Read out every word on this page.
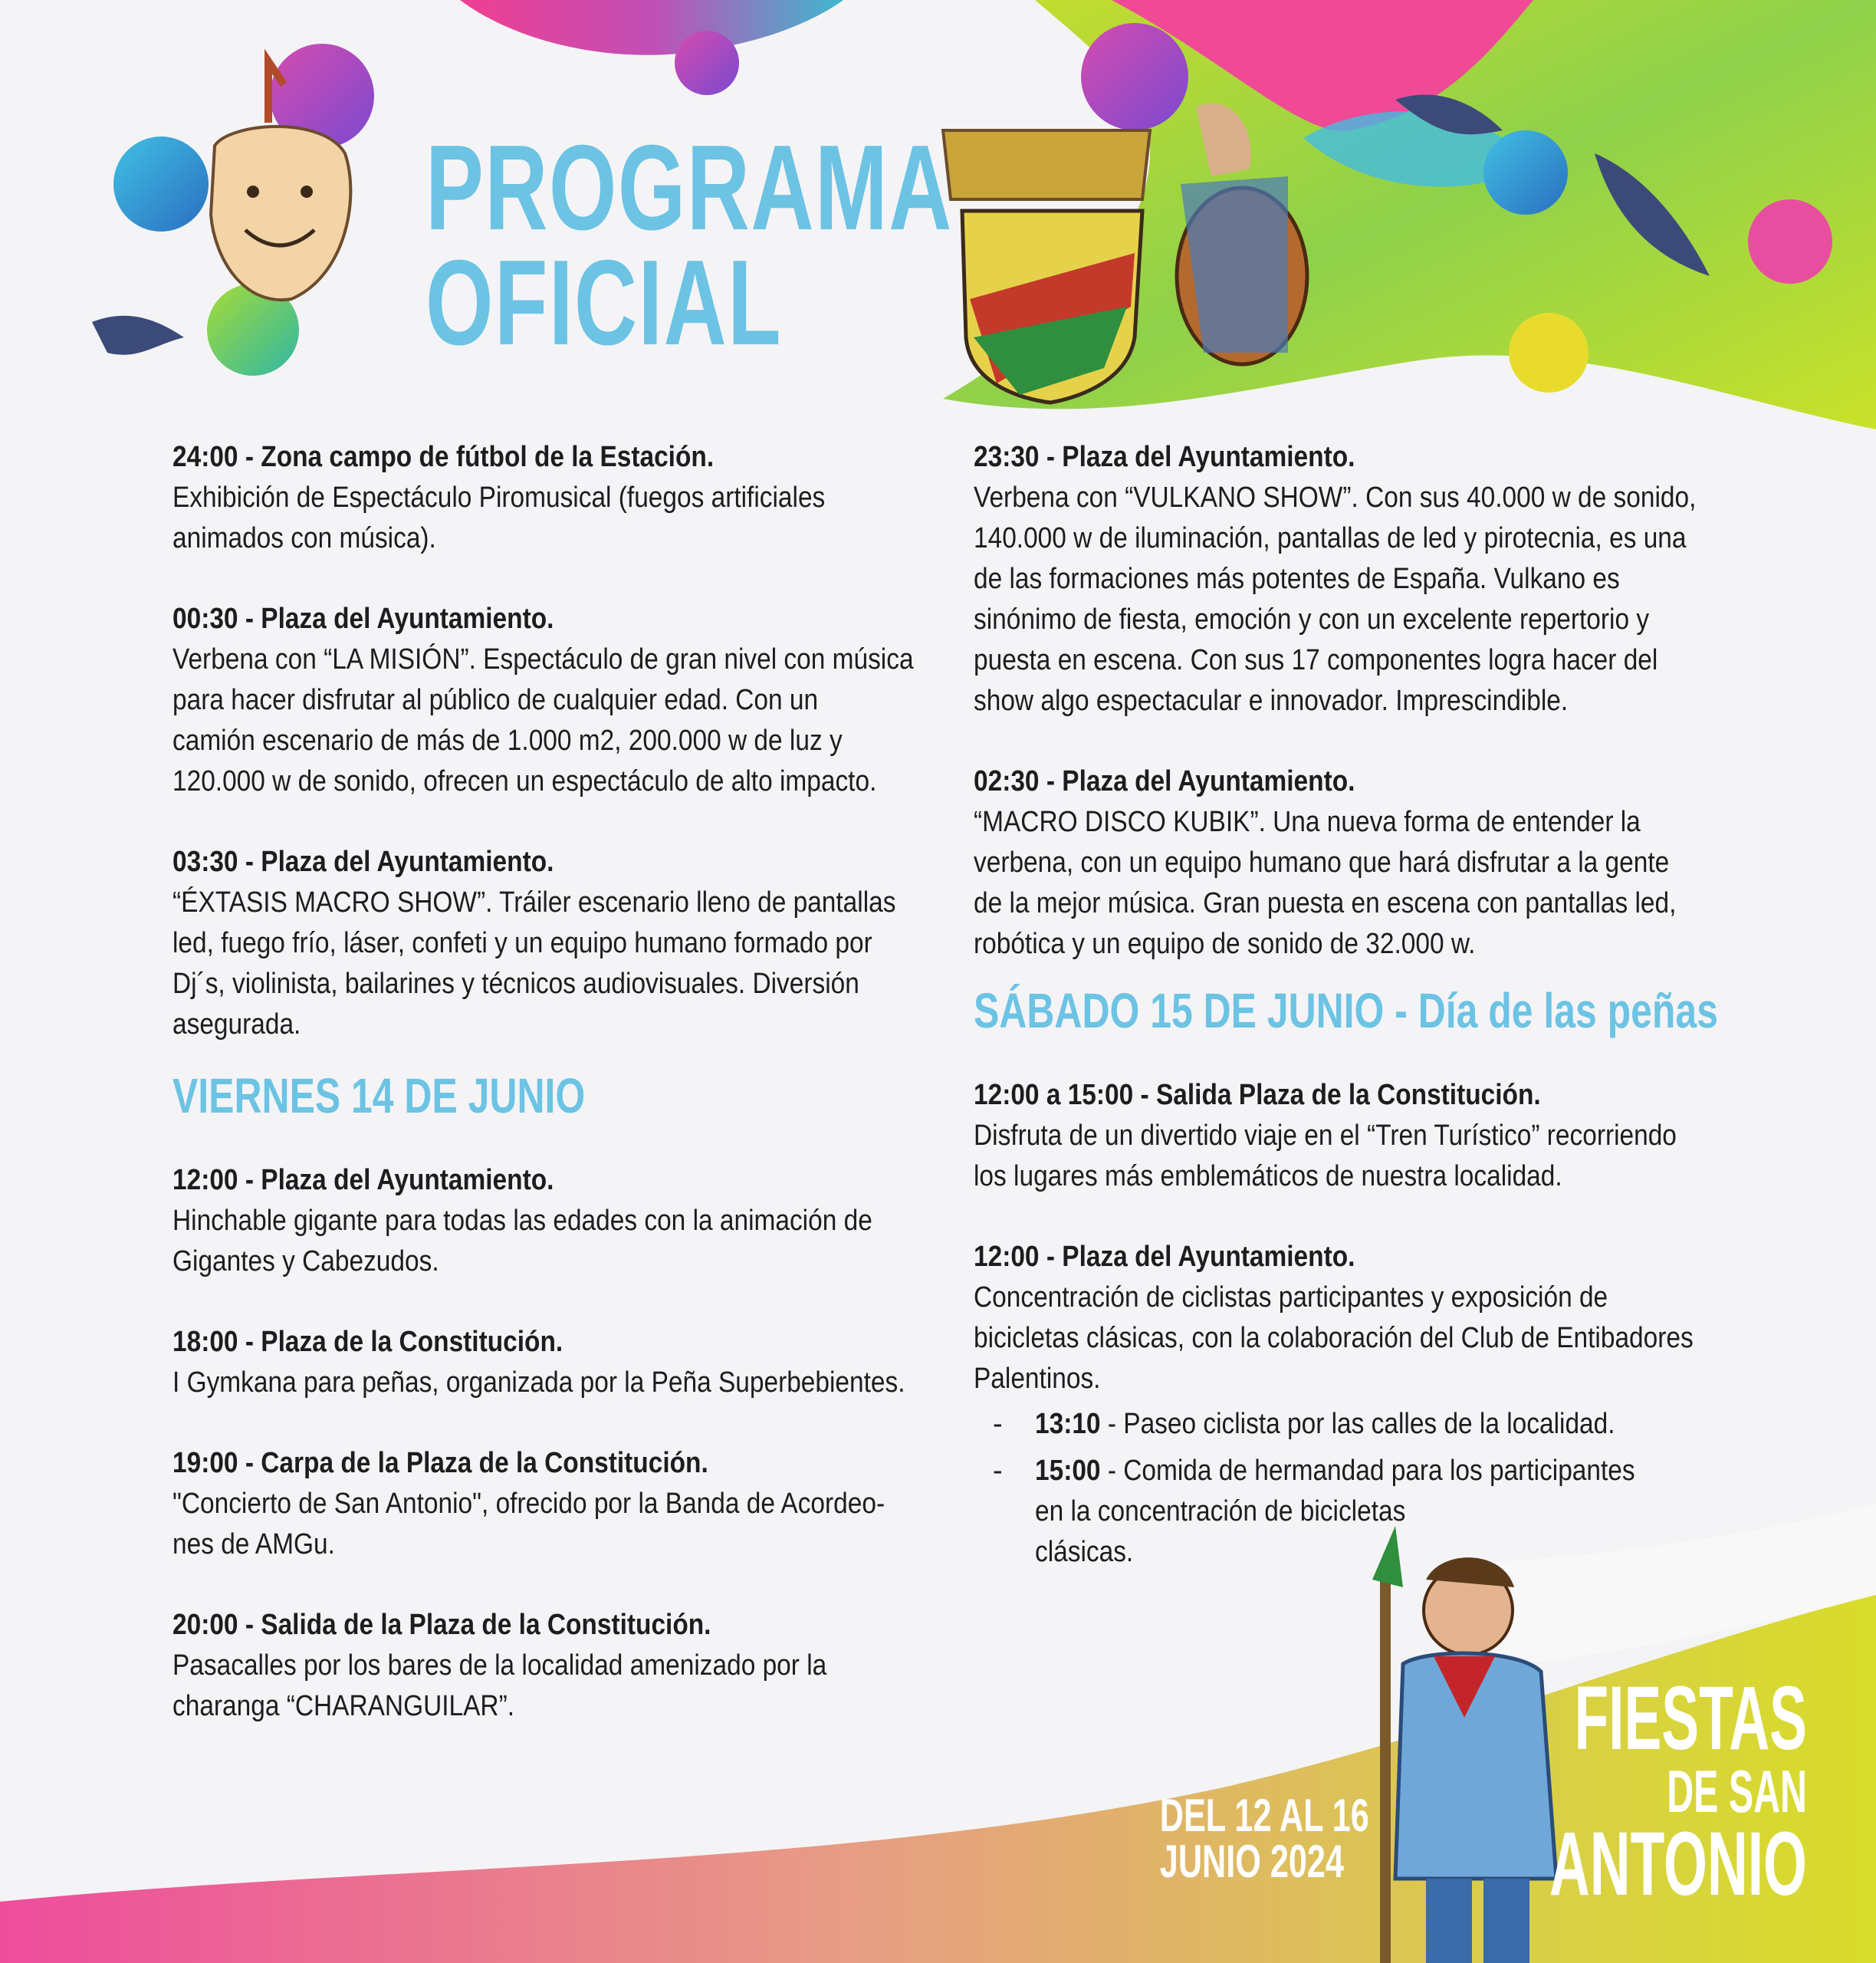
PROGRAMA
OFICIAL
24:00 - Zona campo de fútbol de la Estación.
Exhibición de Espectáculo Piromusical (fuegos artificiales
animados con música).
00:30 - Plaza del Ayuntamiento.
Verbena con “LA MISIÓN”. Espectáculo de gran nivel con música
para hacer disfrutar al público de cualquier edad. Con un
camión escenario de más de 1.000 m2, 200.000 w de luz y
120.000 w de sonido, ofrecen un espectáculo de alto impacto.
03:30 - Plaza del Ayuntamiento.
“ÉXTASIS MACRO SHOW”. Tráiler escenario lleno de pantallas
led, fuego frío, láser, confeti y un equipo humano formado por
Dj´s, violinista, bailarines y técnicos audiovisuales. Diversión
asegurada.
VIERNES 14 DE JUNIO
12:00 - Plaza del Ayuntamiento.
Hinchable gigante para todas las edades con la animación de
Gigantes y Cabezudos.
18:00 - Plaza de la Constitución.
I Gymkana para peñas, organizada por la Peña Superbebientes.
19:00 - Carpa de la Plaza de la Constitución.
"Concierto de San Antonio", ofrecido por la Banda de Acordeo-
nes de AMGu.
20:00 - Salida de la Plaza de la Constitución.
Pasacalles por los bares de la localidad amenizado por la
charanga “CHARANGUILAR”.
23:30 - Plaza del Ayuntamiento.
Verbena con “VULKANO SHOW”. Con sus 40.000 w de sonido,
140.000 w de iluminación, pantallas de led y pirotecnia, es una
de las formaciones más potentes de España. Vulkano es
sinónimo de fiesta, emoción y con un excelente repertorio y
puesta en escena. Con sus 17 componentes logra hacer del
show algo espectacular e innovador. Imprescindible.
02:30 - Plaza del Ayuntamiento.
“MACRO DISCO KUBIK”. Una nueva forma de entender la
verbena, con un equipo humano que hará disfrutar a la gente
de la mejor música. Gran puesta en escena con pantallas led,
robótica y un equipo de sonido de 32.000 w.
SÁBADO 15 DE JUNIO - Día de las peñas
12:00 a 15:00 - Salida Plaza de la Constitución.
Disfruta de un divertido viaje en el “Tren Turístico” recorriendo
los lugares más emblemáticos de nuestra localidad.
12:00 - Plaza del Ayuntamiento.
Concentración de ciclistas participantes y exposición de
bicicletas clásicas, con la colaboración del Club de Entibadores
Palentinos.
-	13:10 - Paseo ciclista por las calles de la localidad.
-	15:00 - Comida de hermandad para los participantes
en la concentración de bicicletas
clásicas.
DEL 12 AL 16
JUNIO 2024
FIESTAS
DE SAN
ANTONIO
